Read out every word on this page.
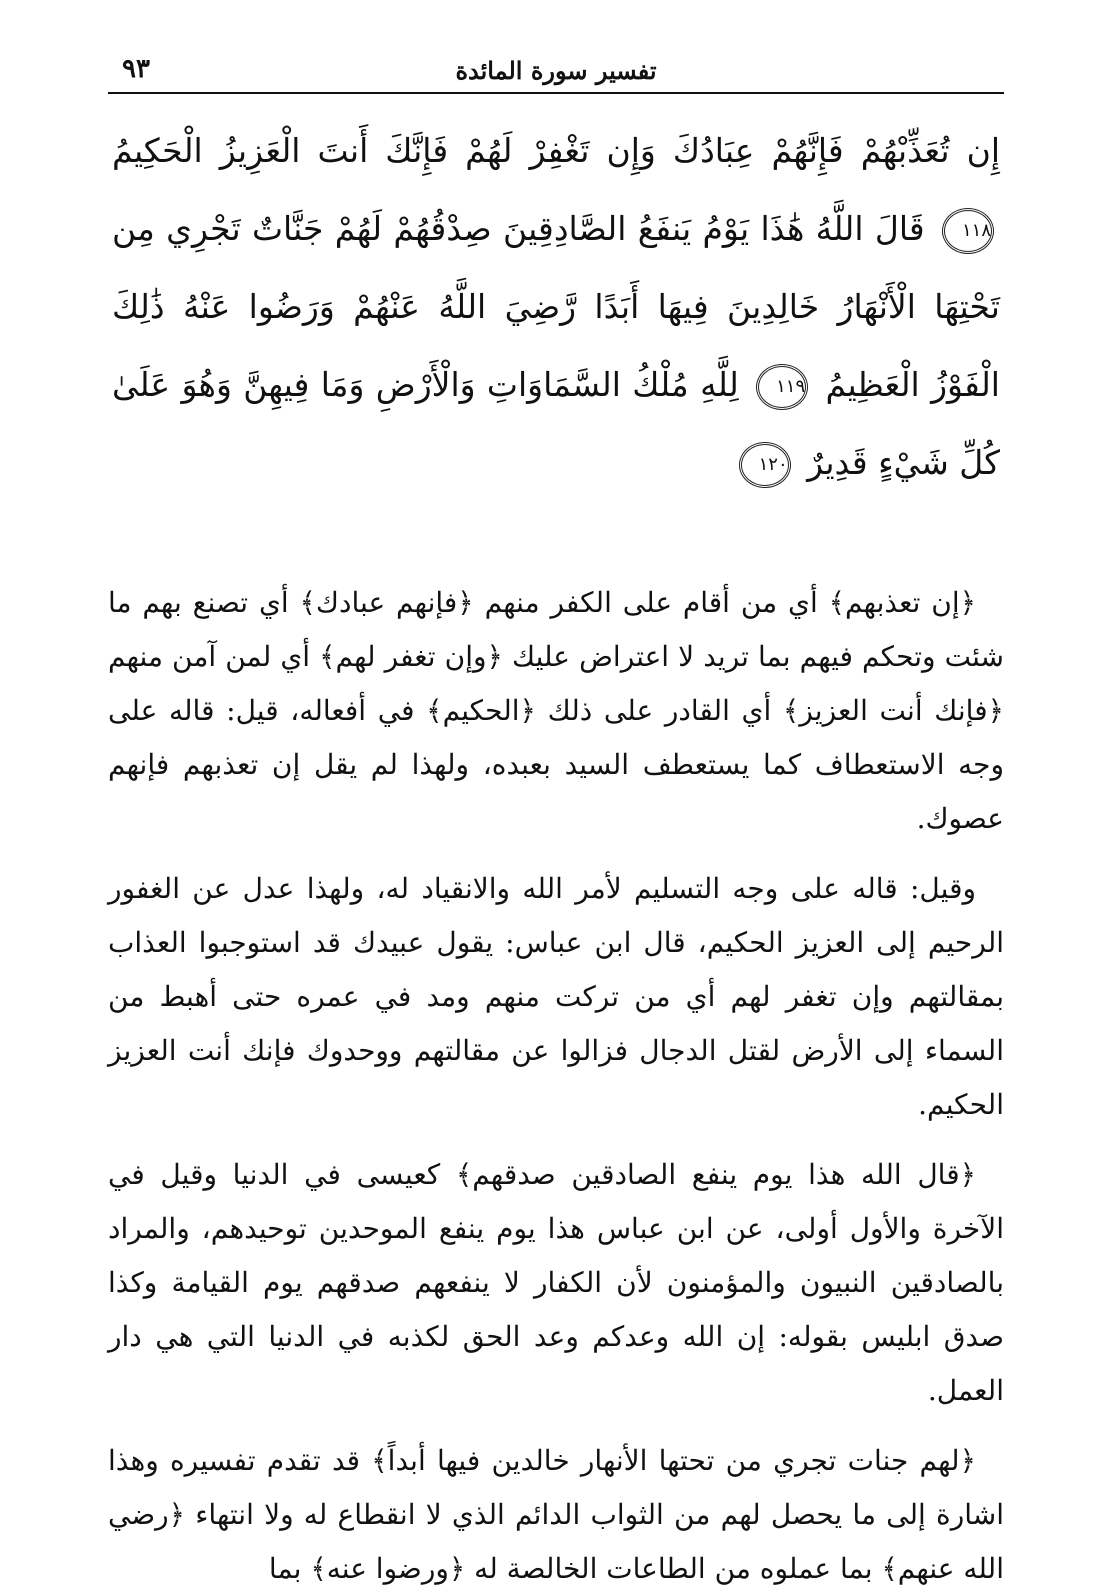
تفسير سورة المائدة
٩٣
إِن تُعَذِّبْهُمْ فَإِنَّهُمْ عِبَادُكَ وَإِن تَغْفِرْ لَهُمْ فَإِنَّكَ أَنتَ الْعَزِيزُ الْحَكِيمُ ١١٨ قَالَ اللَّهُ هَٰذَا يَوْمُ يَنفَعُ الصَّادِقِينَ صِدْقُهُمْ لَهُمْ جَنَّاتٌ تَجْرِي مِن تَحْتِهَا الْأَنْهَارُ خَالِدِينَ فِيهَا أَبَدًا رَّضِيَ اللَّهُ عَنْهُمْ وَرَضُوا عَنْهُ ذَٰلِكَ الْفَوْزُ الْعَظِيمُ ١١٩ لِلَّهِ مُلْكُ السَّمَاوَاتِ وَالْأَرْضِ وَمَا فِيهِنَّ وَهُوَ عَلَىٰ كُلِّ شَيْءٍ قَدِيرٌ ١٢٠

﴿إن تعذبهم﴾ أي من أقام على الكفر منهم ﴿فإنهم عبادك﴾ أي تصنع بهم ما شئت وتحكم فيهم بما تريد لا اعتراض عليك ﴿وإن تغفر لهم﴾ أي لمن آمن منهم ﴿فإنك أنت العزيز﴾ أي القادر على ذلك ﴿الحكيم﴾ في أفعاله، قيل: قاله على وجه الاستعطاف كما يستعطف السيد بعبده، ولهذا لم يقل إن تعذبهم فإنهم عصوك.

وقيل: قاله على وجه التسليم لأمر الله والانقياد له، ولهذا عدل عن الغفور الرحيم إلى العزيز الحكيم، قال ابن عباس: يقول عبيدك قد استوجبوا العذاب بمقالتهم وإن تغفر لهم أي من تركت منهم ومد في عمره حتى أهبط من السماء إلى الأرض لقتل الدجال فزالوا عن مقالتهم ووحدوك فإنك أنت العزيز الحكيم.

﴿قال الله هذا يوم ينفع الصادقين صدقهم﴾ كعيسى في الدنيا وقيل في الآخرة والأول أولى، عن ابن عباس هذا يوم ينفع الموحدين توحيدهم، والمراد بالصادقين النبيون والمؤمنون لأن الكفار لا ينفعهم صدقهم يوم القيامة وكذا صدق ابليس بقوله: إن الله وعدكم وعد الحق لكذبه في الدنيا التي هي دار العمل.

﴿لهم جنات تجري من تحتها الأنهار خالدين فيها أبداً﴾ قد تقدم تفسيره وهذا اشارة إلى ما يحصل لهم من الثواب الدائم الذي لا انقطاع له ولا انتهاء ﴿رضي الله عنهم﴾ بما عملوه من الطاعات الخالصة له ﴿ورضوا عنه﴾ بما
